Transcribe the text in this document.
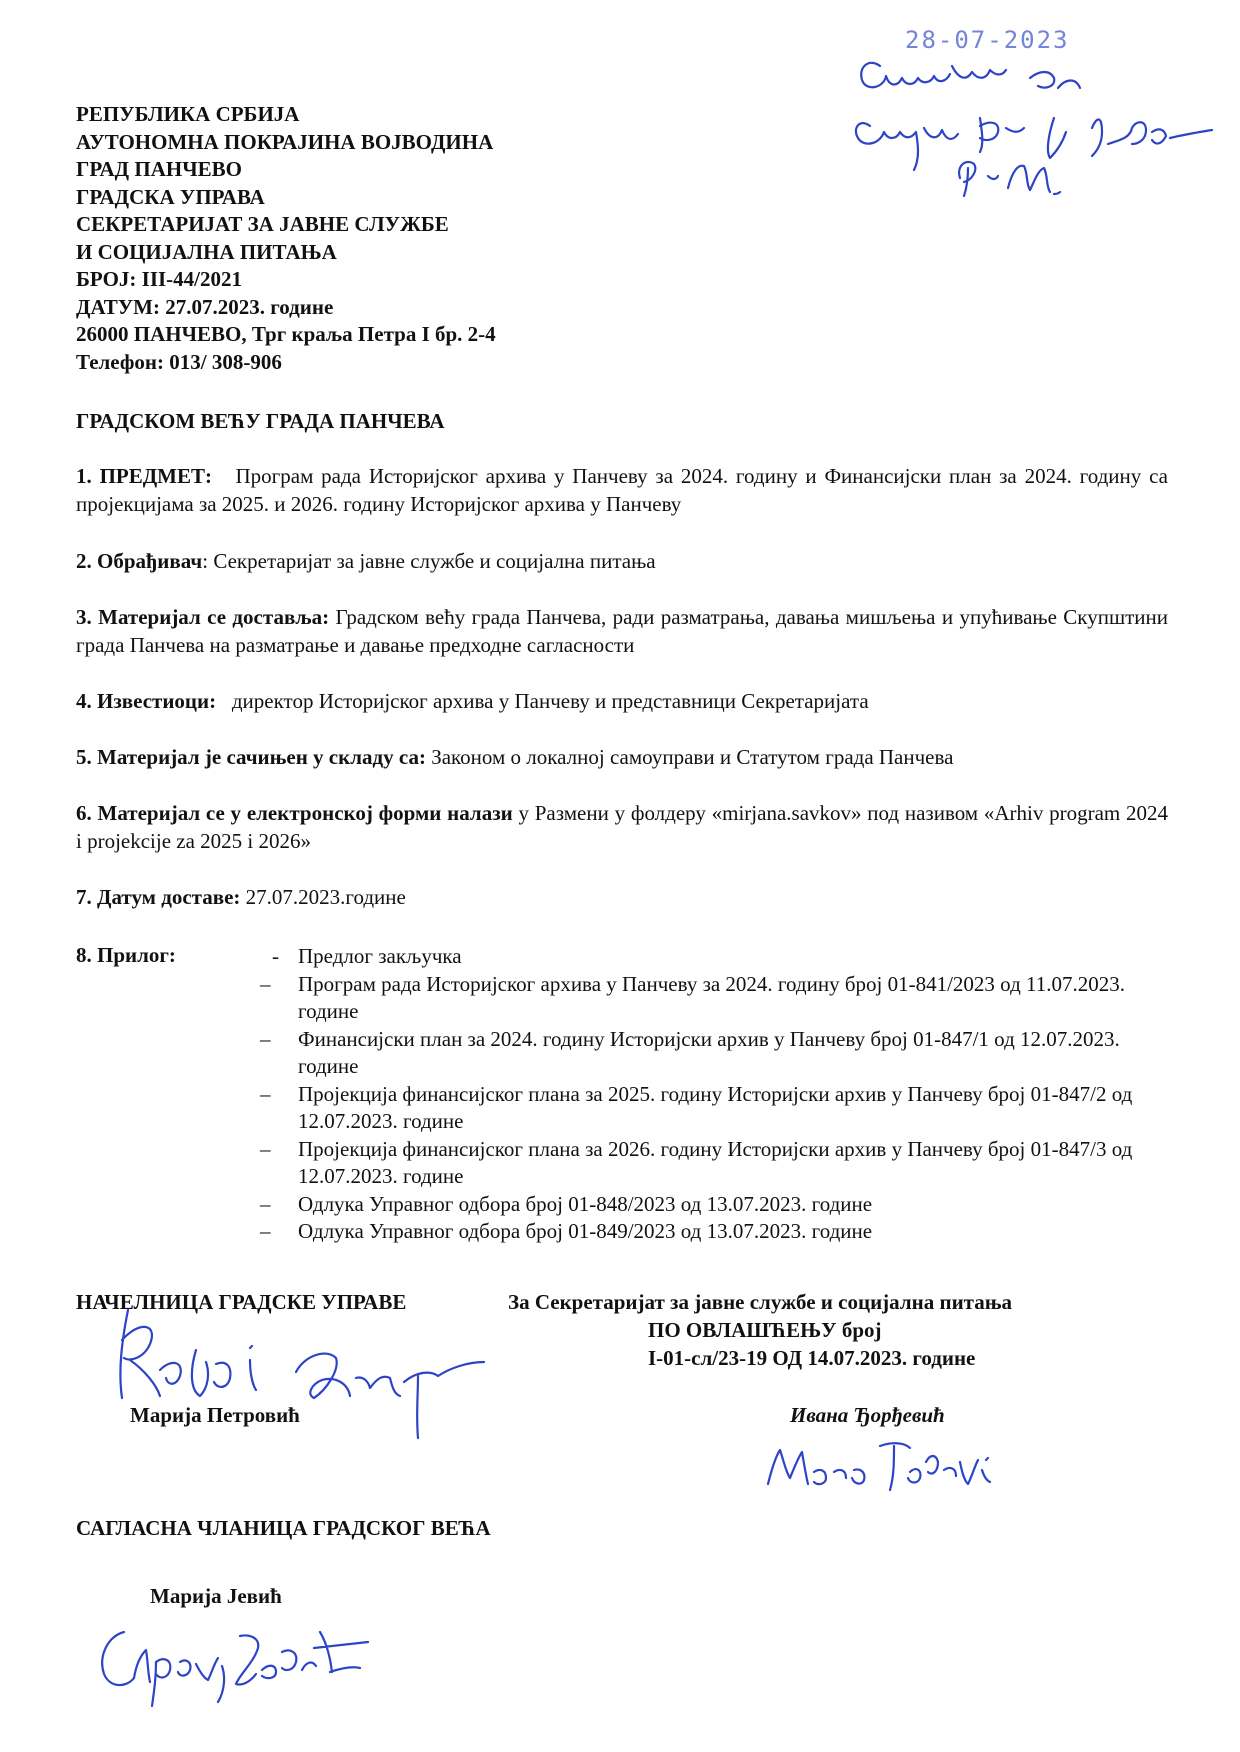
28-07-2023
РЕПУБЛИКА СРБИЈА
АУТОНОМНА ПОКРАЈИНА ВОЈВОДИНА
ГРАД ПАНЧЕВО
ГРАДСКА УПРАВА
СЕКРЕТАРИЈАТ ЗА ЈАВНЕ СЛУЖБЕ
И СОЦИЈАЛНА ПИТАЊА
БРОЈ: III-44/2021
ДАТУМ: 27.07.2023. године
26000 ПАНЧЕВО, Трг краља Петра I бр. 2-4
Телефон: 013/ 308-906
ГРАДСКОМ ВЕЋУ ГРАДА ПАНЧЕВА
1. ПРЕДМЕТ: Програм рада Историјског архива у Панчеву за 2024. годину и Финансијски план за 2024. годину са пројекцијама за 2025. и 2026. годину Историјског архива у Панчеву
2. Обрађивач: Секретаријат за јавне службе и социјална питања
3. Материјал се доставља: Градском већу града Панчева, ради разматрања, давања мишљења и упућивање Скупштини града Панчева на разматрање и давање предходне сагласности
4. Известиоци: директор Историјског архива у Панчеву и представници Секретаријата
5. Материјал је сачињен у складу са: Законом о локалној самоуправи и Статутом града Панчева
6. Материјал се у електронској форми налази у Размени у фолдеру «mirjana.savkov» под називом «Arhiv program 2024 i projekcije za 2025 i 2026»
7. Датум доставе: 27.07.2023.године
8. Прилог:	- Предлог закључка
– Програм рада Историјског архива у Панчеву за 2024. годину број 01-841/2023 од 11.07.2023. године
– Финансијски план за 2024. годину Историјски архив у Панчеву број 01-847/1 од 12.07.2023. године
– Пројекција финансијског плана за 2025. годину Историјски архив у Панчеву број 01-847/2 од 12.07.2023. године
– Пројекција финансијског плана за 2026. годину Историјски архив у Панчеву број 01-847/3 од 12.07.2023. године
– Одлука Управног одбора број 01-848/2023 од 13.07.2023. године
– Одлука Управног одбора број 01-849/2023 од 13.07.2023. године
НАЧЕЛНИЦА ГРАДСКЕ УПРАВЕ
Марија Петровић
За Секретаријат за јавне службе и социјална питања
ПО ОВЛАШЋЕЊУ број
I-01-сл/23-19 ОД 14.07.2023. године
Ивана Ђорђевић
САГЛАСНА ЧЛАНИЦА ГРАДСКОГ ВЕЋА
Марија Јевић
